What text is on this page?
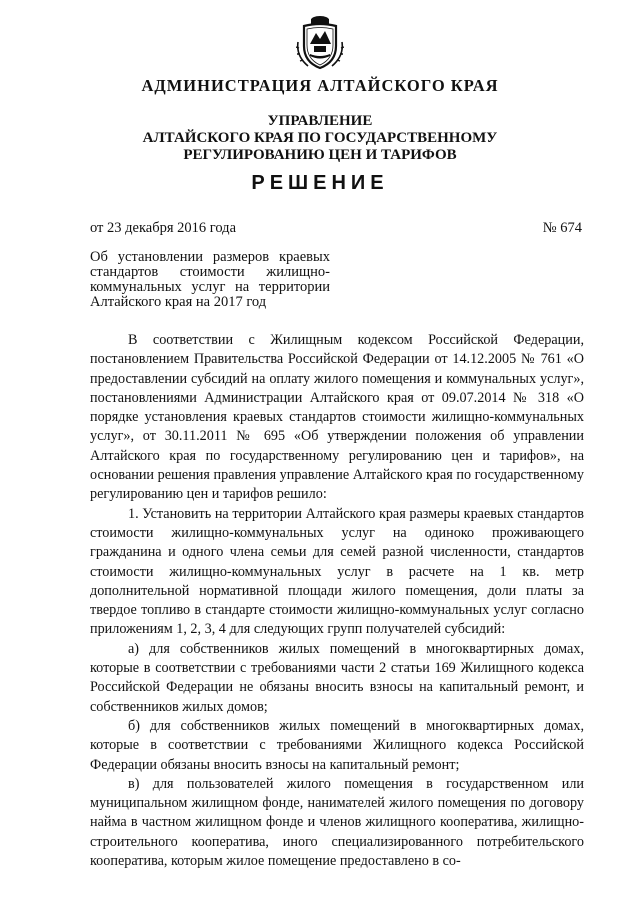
АДМИНИСТРАЦИЯ АЛТАЙСКОГО КРАЯ
УПРАВЛЕНИЕ
АЛТАЙСКОГО КРАЯ ПО ГОСУДАРСТВЕННОМУ
РЕГУЛИРОВАНИЮ ЦЕН И ТАРИФОВ
РЕШЕНИЕ
от 23 декабря 2016 года	№ 674
Об установлении размеров краевых стандартов стоимости жилищно-коммунальных услуг на территории Алтайского края на 2017 год

В соответствии с Жилищным кодексом Российской Федерации, постановлением Правительства Российской Федерации от 14.12.2005 № 761 «О предоставлении субсидий на оплату жилого помещения и коммунальных услуг», постановлениями Администрации Алтайского края от 09.07.2014 № 318 «О порядке установления краевых стандартов стоимости жилищно-коммунальных услуг», от 30.11.2011 № 695 «Об утверждении положения об управлении Алтайского края по государственному регулированию цен и тарифов», на основании решения правления управление Алтайского края по государственному регулированию цен и тарифов решило:

1. Установить на территории Алтайского края размеры краевых стандартов стоимости жилищно-коммунальных услуг на одиноко проживающего гражданина и одного члена семьи для семей разной численности, стандартов стоимости жилищно-коммунальных услуг в расчете на 1 кв. метр дополнительной нормативной площади жилого помещения, доли платы за твердое топливо в стандарте стоимости жилищно-коммунальных услуг согласно приложениям 1, 2, 3, 4 для следующих групп получателей субсидий:

а) для собственников жилых помещений в многоквартирных домах, которые в соответствии с требованиями части 2 статьи 169 Жилищного кодекса Российской Федерации не обязаны вносить взносы на капитальный ремонт, и собственников жилых домов;

б) для собственников жилых помещений в многоквартирных домах, которые в соответствии с требованиями Жилищного кодекса Российской Федерации обязаны вносить взносы на капитальный ремонт;

в) для пользователей жилого помещения в государственном или муниципальном жилищном фонде, нанимателей жилого помещения по договору найма в частном жилищном фонде и членов жилищного кооператива, жилищно-строительного кооператива, иного специализированного потребительского кооператива, которым жилое помещение предоставлено в со-
